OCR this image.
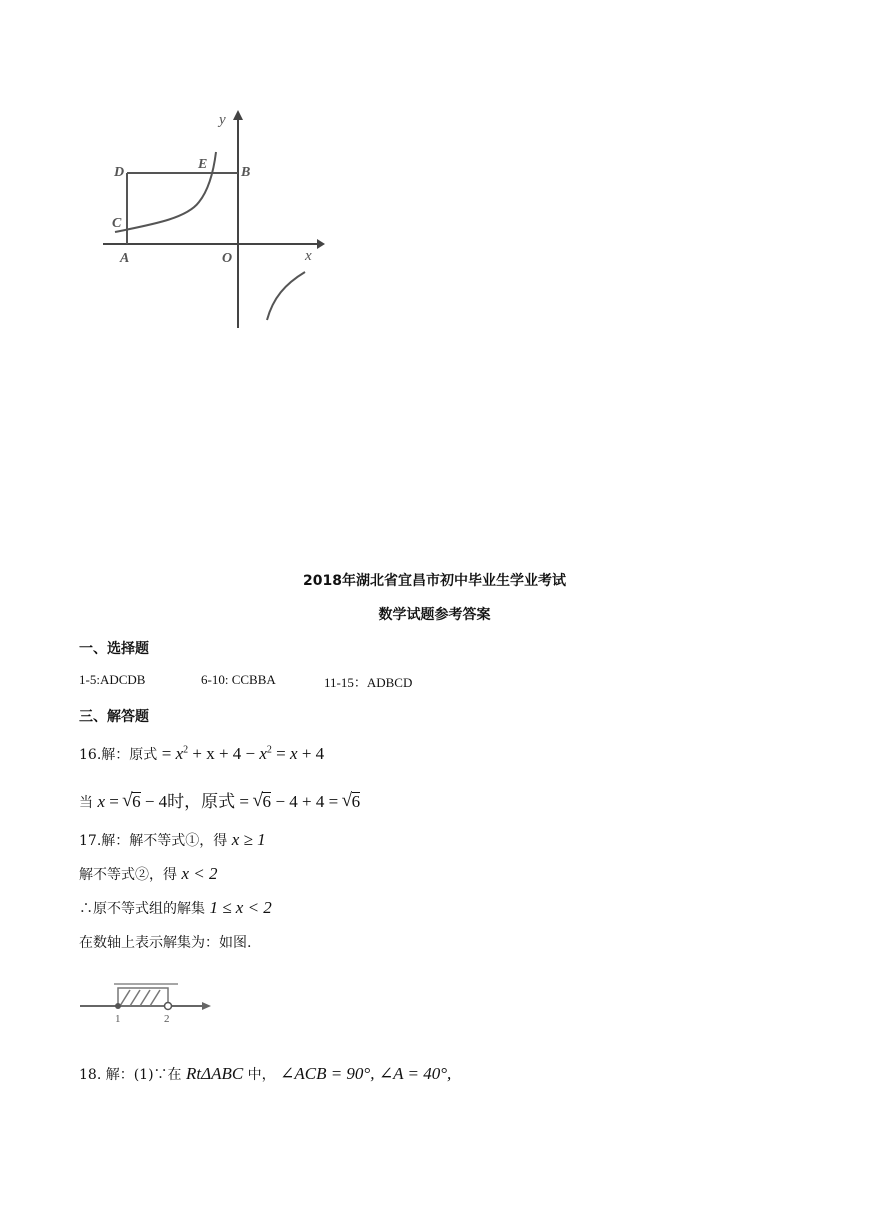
y
x
D
E
B
C
A	O
2018年湖北省宜昌市初中毕业生学业考试
数学试题参考答案
一、选择题
1-5:ADCDB	6-10: CCBBA	11-15：ADBCD
三、解答题
16.解：原式 = $x^2 + x + 4 - x^2 = x + 4$
当 x = √ 6 − 4时，原式 = √ 6 − 4 + 4 = √ 6
17.解：解不等式①，得 x ≥ 1
解不等式②，得 x < 2
∴原不等式组的解集 1 ≤ x < 2
在数轴上表示解集为：如图.
1	2
18. 解：(1)∵在 RtΔABC 中， ∠ACB = 90°, ∠A = 40°,
